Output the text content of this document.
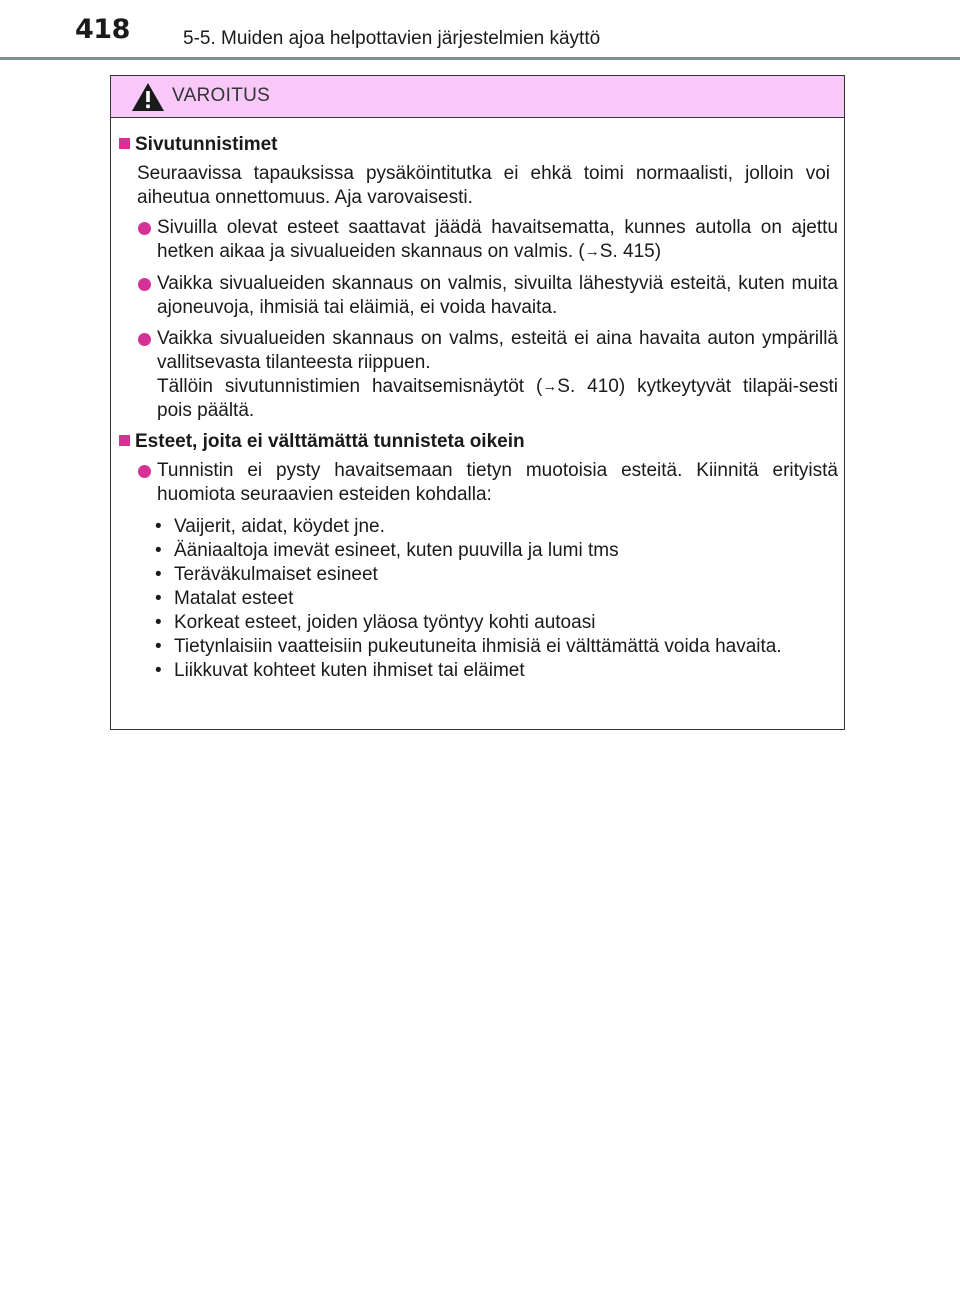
418	5-5. Muiden ajoa helpottavien järjestelmien käyttö
VAROITUS
Sivutunnistimet
Seuraavissa tapauksissa pysäköintitutka ei ehkä toimi normaalisti, jolloin voi aiheutua onnettomuus. Aja varovaisesti.
Sivuilla olevat esteet saattavat jäädä havaitsematta, kunnes autolla on ajettu hetken aikaa ja sivualueiden skannaus on valmis. (→S. 415)
Vaikka sivualueiden skannaus on valmis, sivuilta lähestyviä esteitä, kuten muita ajoneuvoja, ihmisiä tai eläimiä, ei voida havaita.
Vaikka sivualueiden skannaus on valms, esteitä ei aina havaita auton ympärillä vallitsevasta tilanteesta riippuen.
Tällöin sivutunnistimien havaitsemisnäytöt (→S. 410) kytkeytyvät tilapäi-sesti pois päältä.
Esteet, joita ei välttämättä tunnisteta oikein
Tunnistin ei pysty havaitsemaan tietyn muotoisia esteitä. Kiinnitä erityistä huomiota seuraavien esteiden kohdalla:
• Vaijerit, aidat, köydet jne.
• Ääniaaltoja imevät esineet, kuten puuvilla ja lumi tms
• Teräväkulmaiset esineet
• Matalat esteet
• Korkeat esteet, joiden yläosa työntyy kohti autoasi
• Tietynlaisiin vaatteisiin pukeutuneita ihmisiä ei välttämättä voida havaita.
• Liikkuvat kohteet kuten ihmiset tai eläimet
